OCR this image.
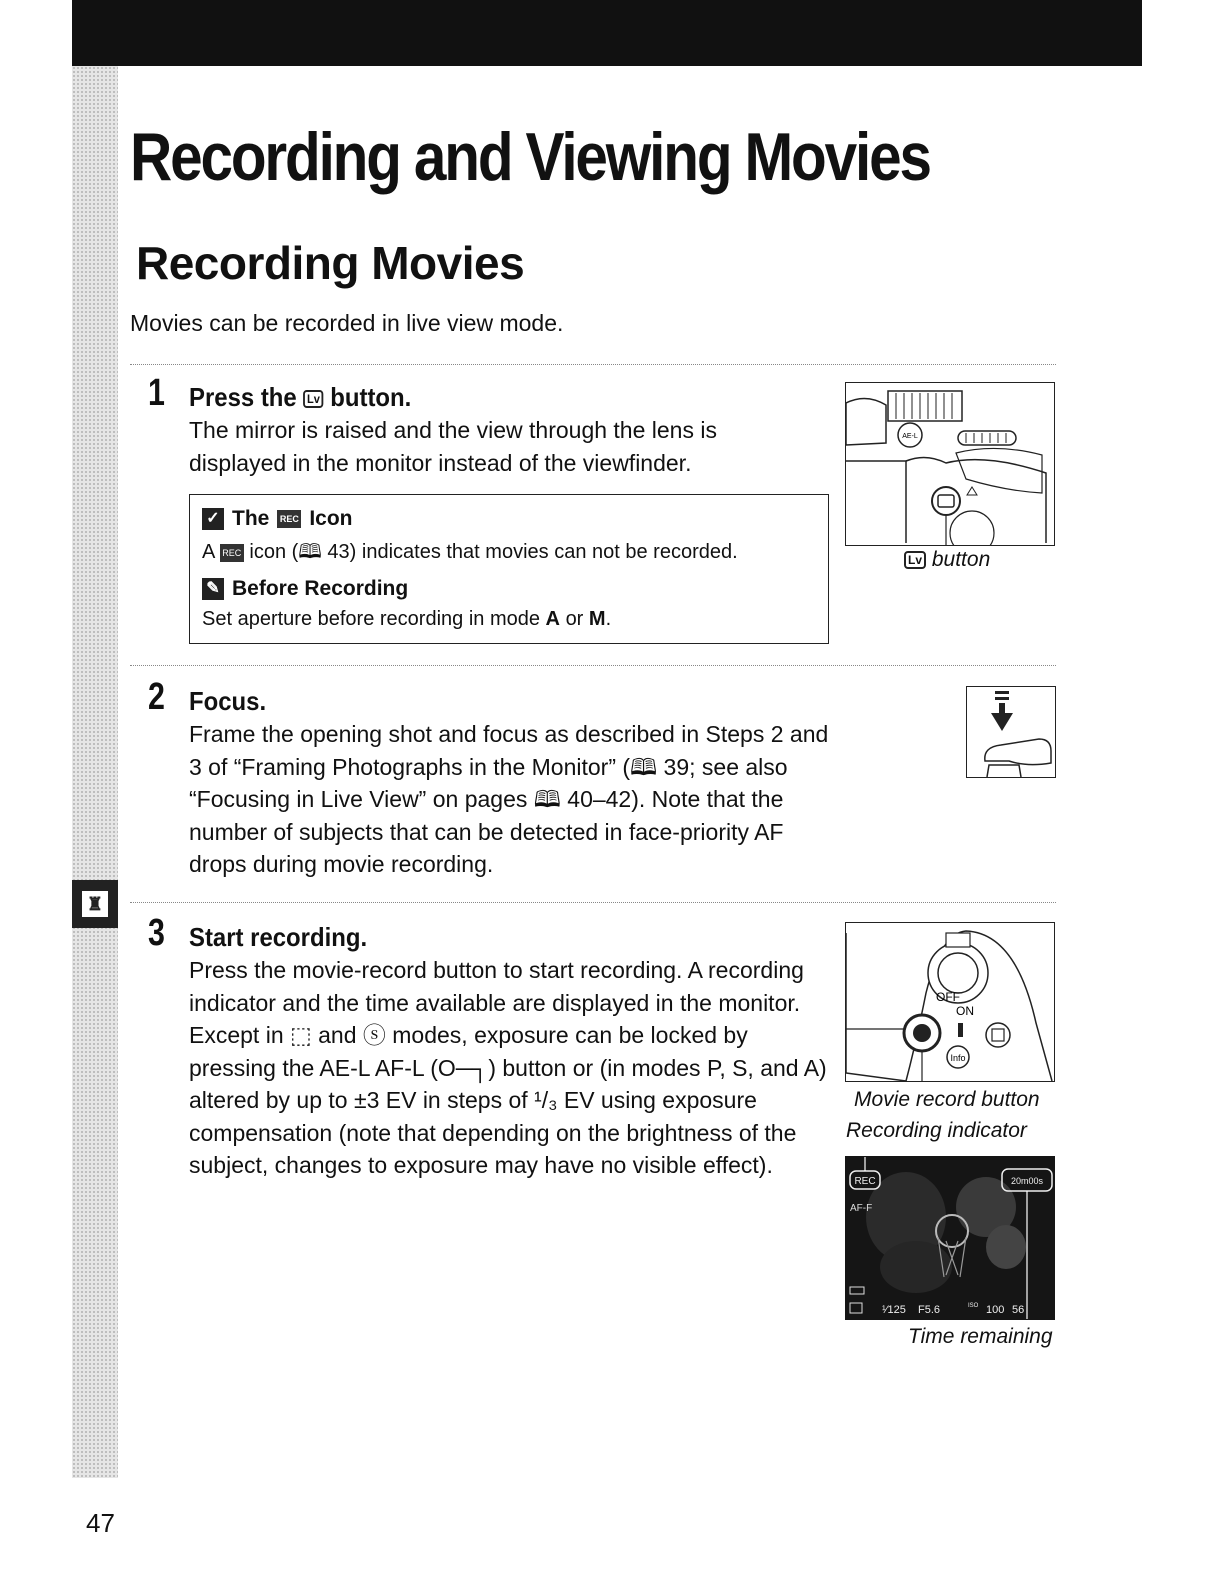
♜
Recording and Viewing Movies
Recording Movies

Movies can be recorded in live view mode.

1 Press the Lv button.

The mirror is raised and the view through the lens is displayed in the monitor instead of the viewfinder.

✓ The REC Icon
A REC icon (🕮 43) indicates that movies can not be recorded.
✎ Before Recording
Set aperture before recording in mode A or M.
AE-L
Lv button
2 Focus.

Frame the opening shot and focus as described in Steps 2 and 3 of “Framing Photographs in the Monitor” (🕮 39; see also “Focusing in Live View” on pages 🕮 40–42). Note that the number of subjects that can be detected in face-priority AF drops during movie recording.

3 Start recording.

Press the movie-record button to start recording. A recording indicator and the time available are displayed in the monitor. Except in ⬚ and ⓢ modes, exposure can be locked by pressing the AE-L AF-L (O─┐) button or (in modes P, S, and A) altered by up to ±3 EV in steps of ¹/₃ EV using exposure compensation (note that depending on the brightness of the subject, changes to exposure may have no visible effect).

OFF
ON
Info
Movie record button
Recording indicator
REC
AF-F
20m00s
¹⁄125 F5.6	ISO 100 56
Time remaining
47
